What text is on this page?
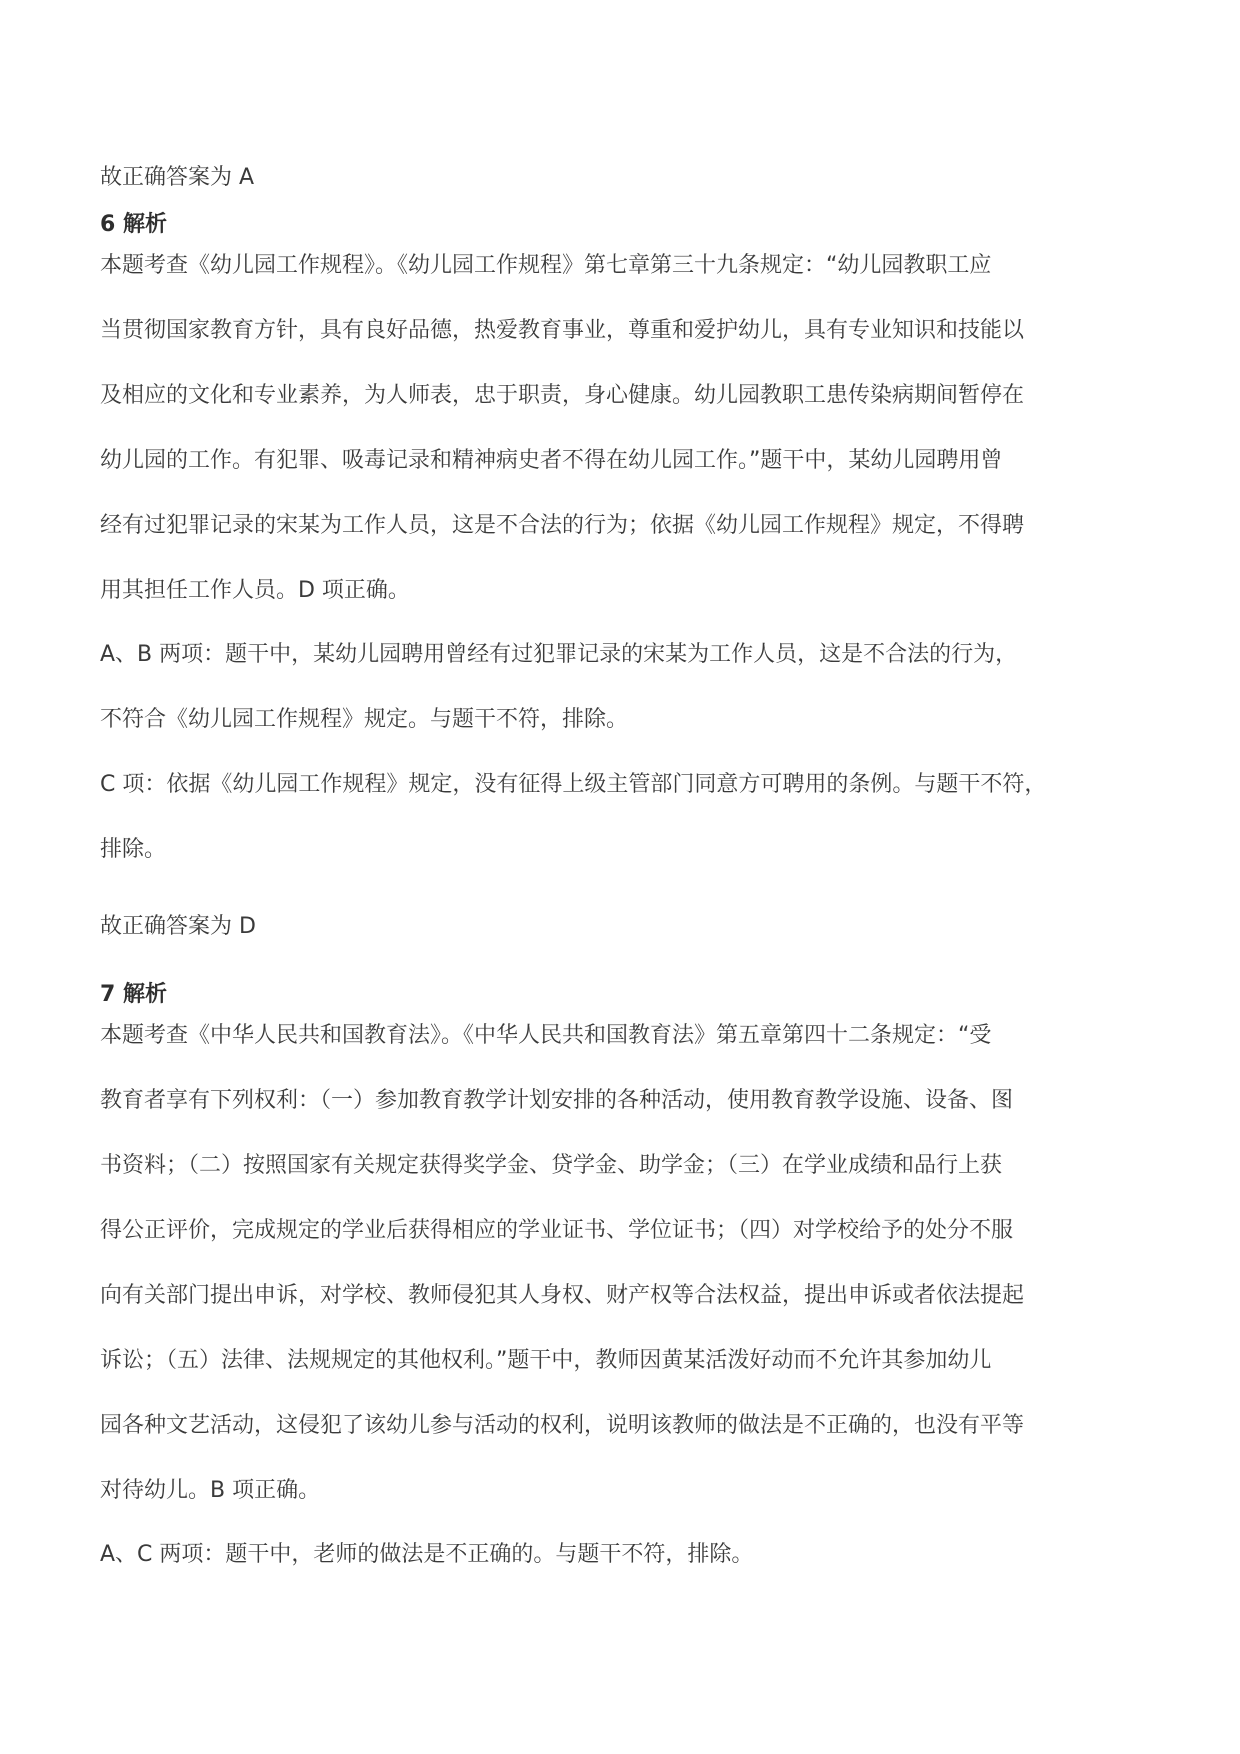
故正确答案为 A

6 解析

本题考查《幼儿园工作规程》。《幼儿园工作规程》第七章第三十九条规定：“幼儿园教职工应
当贯彻国家教育方针，具有良好品德，热爱教育事业，尊重和爱护幼儿，具有专业知识和技能以
及相应的文化和专业素养，为人师表，忠于职责，身心健康。幼儿园教职工患传染病期间暂停在
幼儿园的工作。有犯罪、吸毒记录和精神病史者不得在幼儿园工作。”题干中，某幼儿园聘用曾
经有过犯罪记录的宋某为工作人员，这是不合法的行为；依据《幼儿园工作规程》规定，不得聘
用其担任工作人员。D 项正确。

A、B 两项：题干中，某幼儿园聘用曾经有过犯罪记录的宋某为工作人员，这是不合法的行为，
不符合《幼儿园工作规程》规定。与题干不符，排除。

C 项：依据《幼儿园工作规程》规定，没有征得上级主管部门同意方可聘用的条例。与题干不符，
排除。

故正确答案为 D

7 解析

本题考查《中华人民共和国教育法》。《中华人民共和国教育法》第五章第四十二条规定：“受
教育者享有下列权利：（一）参加教育教学计划安排的各种活动，使用教育教学设施、设备、图
书资料；（二）按照国家有关规定获得奖学金、贷学金、助学金；（三）在学业成绩和品行上获
得公正评价，完成规定的学业后获得相应的学业证书、学位证书；（四）对学校给予的处分不服
向有关部门提出申诉，对学校、教师侵犯其人身权、财产权等合法权益，提出申诉或者依法提起
诉讼；（五）法律、法规规定的其他权利。”题干中，教师因黄某活泼好动而不允许其参加幼儿
园各种文艺活动，这侵犯了该幼儿参与活动的权利，说明该教师的做法是不正确的，也没有平等
对待幼儿。B 项正确。

A、C 两项：题干中，老师的做法是不正确的。与题干不符，排除。
